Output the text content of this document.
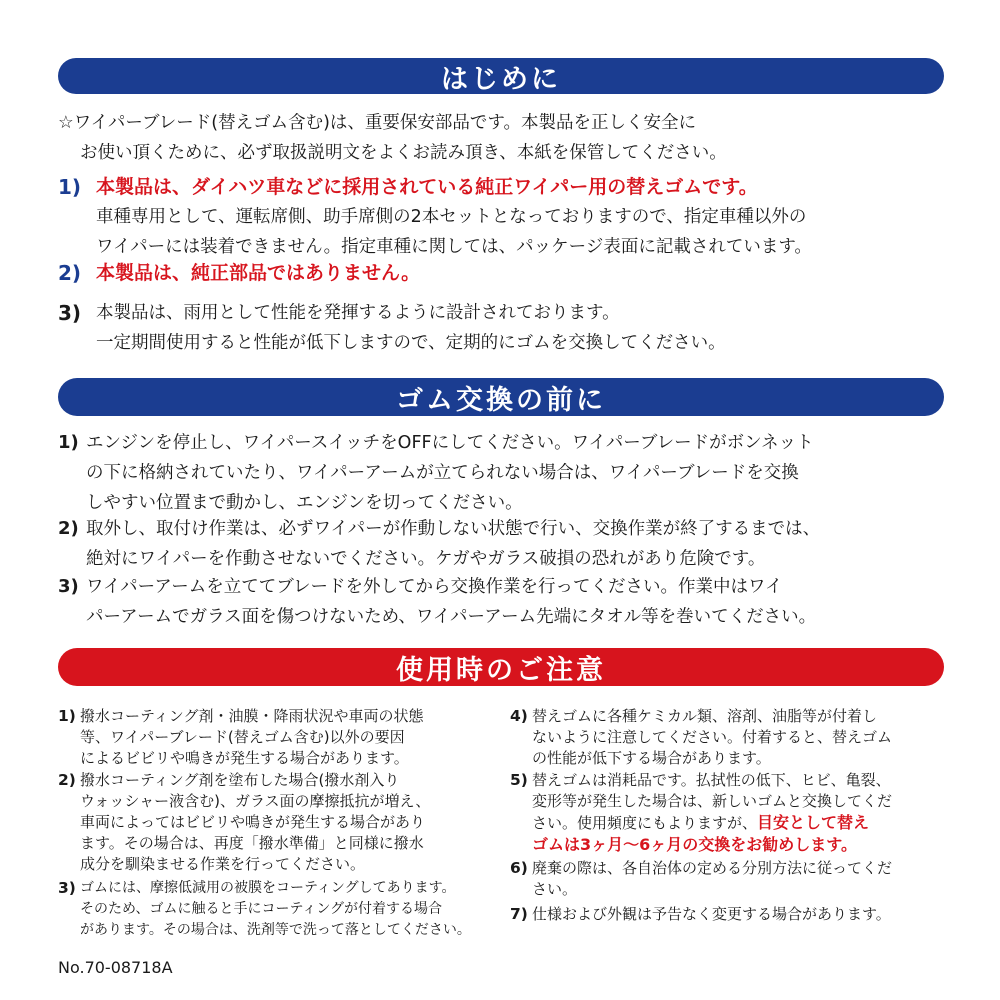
はじめに
☆ワイパーブレード(替えゴム含む)は、重要保安部品です。本製品を正しく安全に
お使い頂くために、必ず取扱説明文をよくお読み頂き、本紙を保管してください。
1) 本製品は、ダイハツ車などに採用されている純正ワイパー用の替えゴムです。
車種専用として、運転席側、助手席側の2本セットとなっておりますので、指定車種以外の
ワイパーには装着できません。指定車種に関しては、パッケージ表面に記載されています。
2) 本製品は、純正部品ではありません。
3) 本製品は、雨用として性能を発揮するように設計されております。
一定期間使用すると性能が低下しますので、定期的にゴムを交換してください。
ゴム交換の前に
1) エンジンを停止し、ワイパースイッチをOFFにしてください。ワイパーブレードがボンネット
の下に格納されていたり、ワイパーアームが立てられない場合は、ワイパーブレードを交換
しやすい位置まで動かし、エンジンを切ってください。
2) 取外し、取付け作業は、必ずワイパーが作動しない状態で行い、交換作業が終了するまでは、
絶対にワイパーを作動させないでください。ケガやガラス破損の恐れがあり危険です。
3) ワイパーアームを立ててブレードを外してから交換作業を行ってください。作業中はワイ
パーアームでガラス面を傷つけないため、ワイパーアーム先端にタオル等を巻いてください。
使用時のご注意
1) 撥水コーティング剤・油膜・降雨状況や車両の状態
等、ワイパーブレード(替えゴム含む)以外の要因
によるビビリや鳴きが発生する場合があります。
2) 撥水コーティング剤を塗布した場合(撥水剤入り
ウォッシャー液含む)、ガラス面の摩擦抵抗が増え、
車両によってはビビリや鳴きが発生する場合があり
ます。その場合は、再度「撥水準備」と同様に撥水
成分を馴染ませる作業を行ってください。
3) ゴムには、摩擦低減用の被膜をコーティングしてあります。
そのため、ゴムに触ると手にコーティングが付着する場合
があります。その場合は、洗剤等で洗って落としてください。
4) 替えゴムに各種ケミカル類、溶剤、油脂等が付着し
ないように注意してください。付着すると、替えゴム
の性能が低下する場合があります。
5) 替えゴムは消耗品です。払拭性の低下、ヒビ、亀裂、
変形等が発生した場合は、新しいゴムと交換してくだ
さい。使用頻度にもよりますが、目安として替え
ゴムは3ヶ月〜6ヶ月の交換をお勧めします。
6) 廃棄の際は、各自治体の定める分別方法に従ってくだ
さい。
7) 仕様および外観は予告なく変更する場合があります。
No.70-08718A
